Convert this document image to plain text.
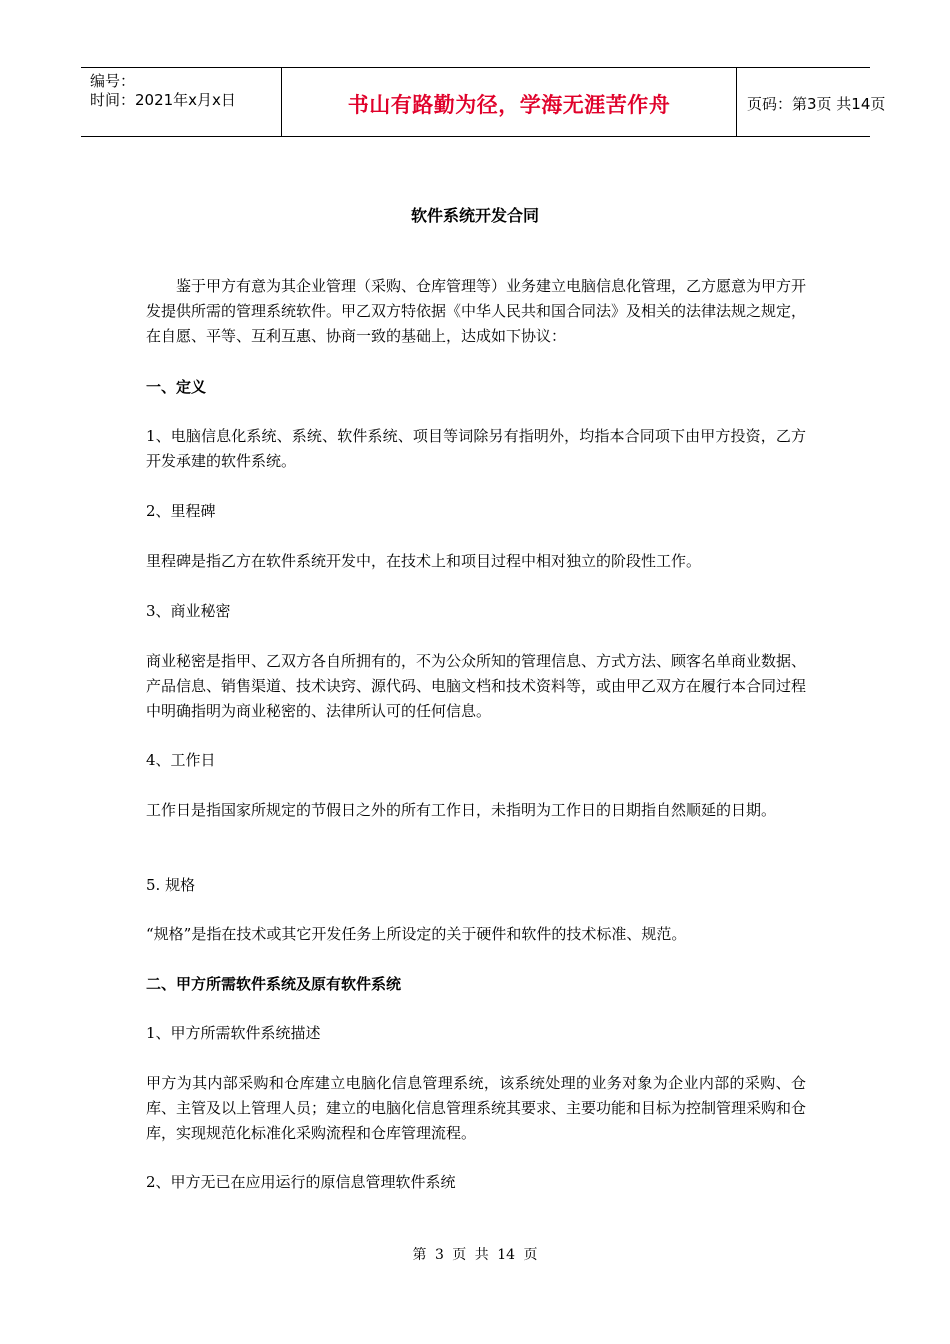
编号：
时间：2021年x月x日	书山有路勤为径，学海无涯苦作舟	页码：第3页 共14页
软件系统开发合同
鉴于甲方有意为其企业管理（采购、仓库管理等）业务建立电脑信息化管理，乙方愿意为甲方开发提供所需的管理系统软件。甲乙双方特依据《中华人民共和国合同法》及相关的法律法规之规定，在自愿、平等、互利互惠、协商一致的基础上，达成如下协议：
一、定义
1、电脑信息化系统、系统、软件系统、项目等词除另有指明外，均指本合同项下由甲方投资，乙方开发承建的软件系统。
2、里程碑
里程碑是指乙方在软件系统开发中，在技术上和项目过程中相对独立的阶段性工作。
3、商业秘密
商业秘密是指甲、乙双方各自所拥有的，不为公众所知的管理信息、方式方法、顾客名单商业数据、产品信息、销售渠道、技术诀窍、源代码、电脑文档和技术资料等，或由甲乙双方在履行本合同过程中明确指明为商业秘密的、法律所认可的任何信息。
4、工作日
工作日是指国家所规定的节假日之外的所有工作日，未指明为工作日的日期指自然顺延的日期。
5. 规格
“规格”是指在技术或其它开发任务上所设定的关于硬件和软件的技术标准、规范。
二、甲方所需软件系统及原有软件系统
1、甲方所需软件系统描述
甲方为其内部采购和仓库建立电脑化信息管理系统，该系统处理的业务对象为企业内部的采购、仓库、主管及以上管理人员；建立的电脑化信息管理系统其要求、主要功能和目标为控制管理采购和仓库，实现规范化标准化采购流程和仓库管理流程。
2、甲方无已在应用运行的原信息管理软件系统
第 3 页 共 14 页
